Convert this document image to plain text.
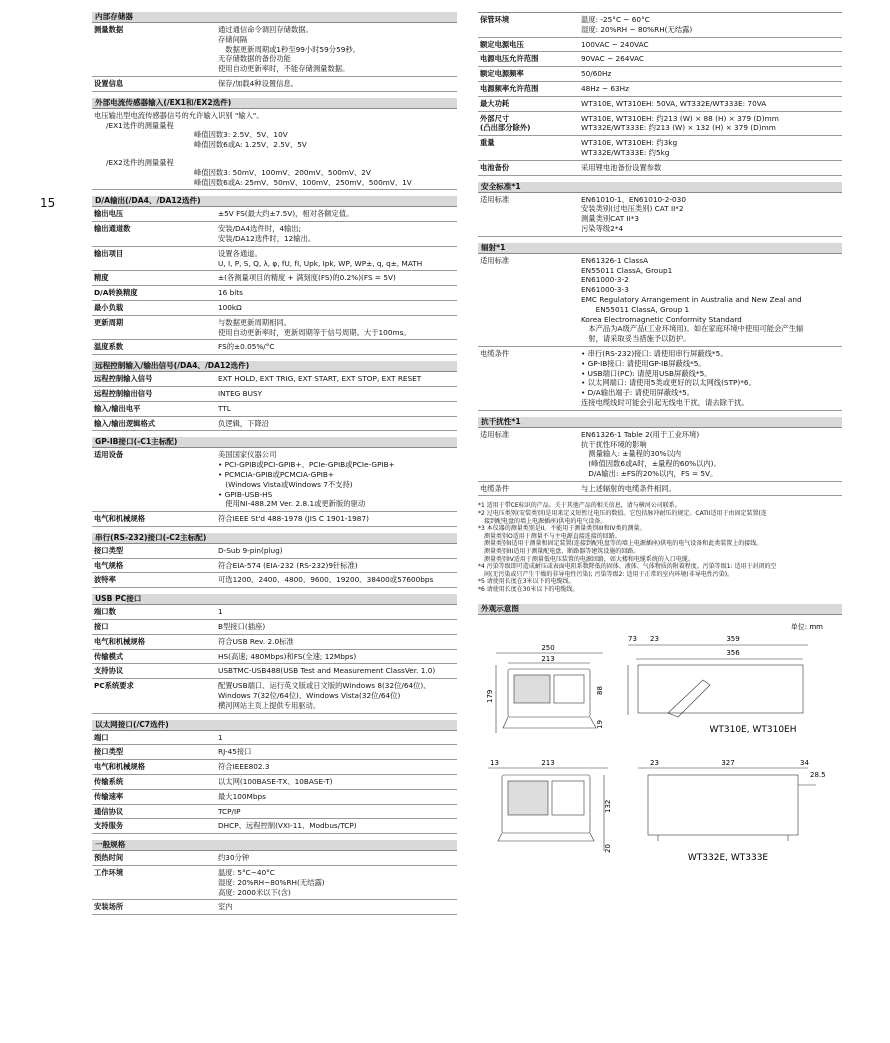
15
内部存储器
测量数据	通过通信命令调回存储数据。
存储间隔
　数据更新周期或1秒至99小时59分59秒。
无存储数据的备份功能
使用自动更新率时，不能存储测量数据。
设置信息	保存/加载4种设置信息。
外部电流传感器输入(/EX1和/EX2选件)
电压输出型电流传感器信号的允许输入识别 "输入"。
/EX1选件的测量量程
峰值因数3: 2.5V、5V、10V
峰值因数6或A: 1.25V、2.5V、5V
/EX2选件的测量量程
峰值因数3: 50mV、100mV、200mV、500mV、2V
峰值因数6或A: 25mV、50mV、100mV、250mV、500mV、1V
D/A输出(/DA4、/DA12选件)
输出电压	±5V FS(最大约±7.5V)，相对各额定值。
输出通道数	安装/DA4选件时，4输出;
安装/DA12选件时，12输出。
输出项目	设置各通道。
U, I, P, S, Q, λ, φ, fU, fI, Upk, Ipk, WP, WP±, q, q±, MATH
精度	±(各测量项目的精度 + 满刻度(FS)的0.2%)(FS = 5V)
D/A转换精度	16 bits
最小负载	100kΩ
更新周期	与数据更新周期相同。
使用自动更新率时，更新周期等于信号周期。大于100ms。
温度系数	FS的±0.05%/°C
远程控制输入/输出信号(/DA4、/DA12选件)
远程控制输入信号	EXT HOLD, EXT TRIG, EXT START, EXT STOP, EXT RESET
远程控制输出信号	INTEG BUSY
输入/输出电平	TTL
输入/输出逻辑格式	负逻辑，下降沿
GP-IB接口(-C1主标配)
适用设备	美国国家仪器公司
• PCI-GPIB或PCI-GPIB+、PCIe-GPIB或PCIe-GPIB+
• PCMCIA-GPIB或PCMCIA-GPIB+
　(Windows Vista或Windows 7不支持)
• GPIB-USB-HS
　使用NI-488.2M Ver. 2.8.1或更新版的驱动
电气和机械规格	符合IEEE St'd 488-1978 (JIS C 1901-1987)
串行(RS-232)接口(-C2主标配)
接口类型	D-Sub 9-pin(plug)
电气规格	符合EIA-574 (EIA-232 (RS-232)9针标准)
波特率	可选1200、2400、4800、9600、19200、38400或57600bps
USB PC接口
端口数	1
接口	B型接口(插座)
电气和机械规格	符合USB Rev. 2.0标准
传输模式	HS(高速; 480Mbps)和FS(全速; 12Mbps)
支持协议	USBTMC-USB488(USB Test and Measurement ClassVer. 1.0)
PC系统要求	配置USB端口、运行英文版或日文版的Windows 8(32位/64位)、
Windows 7(32位/64位)、Windows Vista(32位/64位)
横河网站主页上提供专用驱动。
以太网接口(/C7选件)
端口	1
接口类型	RJ-45接口
电气和机械规格	符合IEEE802.3
传输系统	以太网(100BASE-TX、10BASE-T)
传输速率	最大100Mbps
通信协议	TCP/IP
支持服务	DHCP、远程控制(VXI-11、Modbus/TCP)
一般规格
预热时间	约30分钟
工作环境	温度: 5°C~40°C
湿度: 20%RH~80%RH(无结露)
高度: 2000米以下(含)
安装场所	室内
保管环境	温度: -25°C ~ 60°C
湿度: 20%RH ~ 80%RH(无结露)
额定电源电压	100VAC ~ 240VAC
电源电压允许范围	90VAC ~ 264VAC
额定电源频率	50/60Hz
电源频率允许范围	48Hz ~ 63Hz
最大功耗	WT310E, WT310EH: 50VA, WT332E/WT333E: 70VA
外部尺寸
(凸出部分除外)
WT310E, WT310EH: 约213 (W) × 88 (H) × 379 (D)mm
WT332E/WT333E: 约213 (W) × 132 (H) × 379 (D)mm
重量	WT310E, WT310EH: 约3kg
WT332E/WT333E: 约5kg
电池备份	采用锂电池备份设置参数
安全标准*1
适用标准	EN61010-1、EN61010-2-030
安装类别(过电压类别) CAT II*2
测量类别CAT II*3
污染等级2*4
辐射*1
适用标准	EN61326-1 ClassA
EN55011 ClassA, Group1
EN61000-3-2
EN61000-3-3
EMC Regulatory Arrangement in Australia and New Zeal and
　　EN55011 ClassA, Group 1
Korea Electromagnetic Conformity Standard
　本产品为A级产品(工业环境用)。如在家庭环境中使用可能会产生辐
　射，请采取妥当措施予以防护。
电缆条件	• 串行(RS-232)接口: 请使用串行屏蔽线*5。
• GP-IB接口: 请使用GP-IB屏蔽线*5。
• USB端口(PC): 请使用USB屏蔽线*5。
• 以太网端口: 请使用5类或更好的以太网线(STP)*6。
• D/A输出端子: 请使用屏蔽线*5。
连接电缆线时可能会引起无线电干扰，请去除干扰。
抗干扰性*1
适用标准	EN61326-1 Table 2(用于工业环境)
抗干扰性环境的影响
　测量输入: ±量程的30%以内
　(峰值因数6或A时，±量程的60%以内)。
　D/A输出: ±FS的20%以内，FS = 5V。
电缆条件	与上述辐射的电缆条件相同。
*1 适用于带CE标识的产品。关于其他产品的相关信息，请与横河公司联系。
*2 过电压类别(安装类别)是用来定义短暂过电压的数值。它包括脉冲耐压的规定。CATII适用于由固定装置(连
　接到配电盘的墙上电源插座)供电的电气设备。
*3 本仪器的测量类别是II。不能用于测量类别III和IV类的测量。
　测量类别O适用于测量不与主电源直接连接的回路。
　测量类别II适用于测量和固定装置(连接到配电盘等的墙上电源插座)供电的电气设备和此类装置上的接线。
　测量类别III适用于测量配电盘、断路器等建筑设施的回路。
　测量类别IV适用于测量低电压装置的电源回路，如大楼和电缆系统的入口电缆。
*4 污染等级即可造成耐压或表面电阻系数降低的固体、液体、气体物质的附着程度。污染等级1: 适用于封闭的空
　间(无污染或只产生干燥的非导电性污染); 污染等级2: 适用于正常的室内环境(非导电性污染)。
*5 请使用长度在3米以下的电缆线。
*6 请使用长度在30米以下的电缆线。
外观示意图
单位: mm
250
213
179	88
19
73 23	359
356
WT310E, WT310EH
13	213
132
20
23	327	34
28.5
WT332E, WT333E
